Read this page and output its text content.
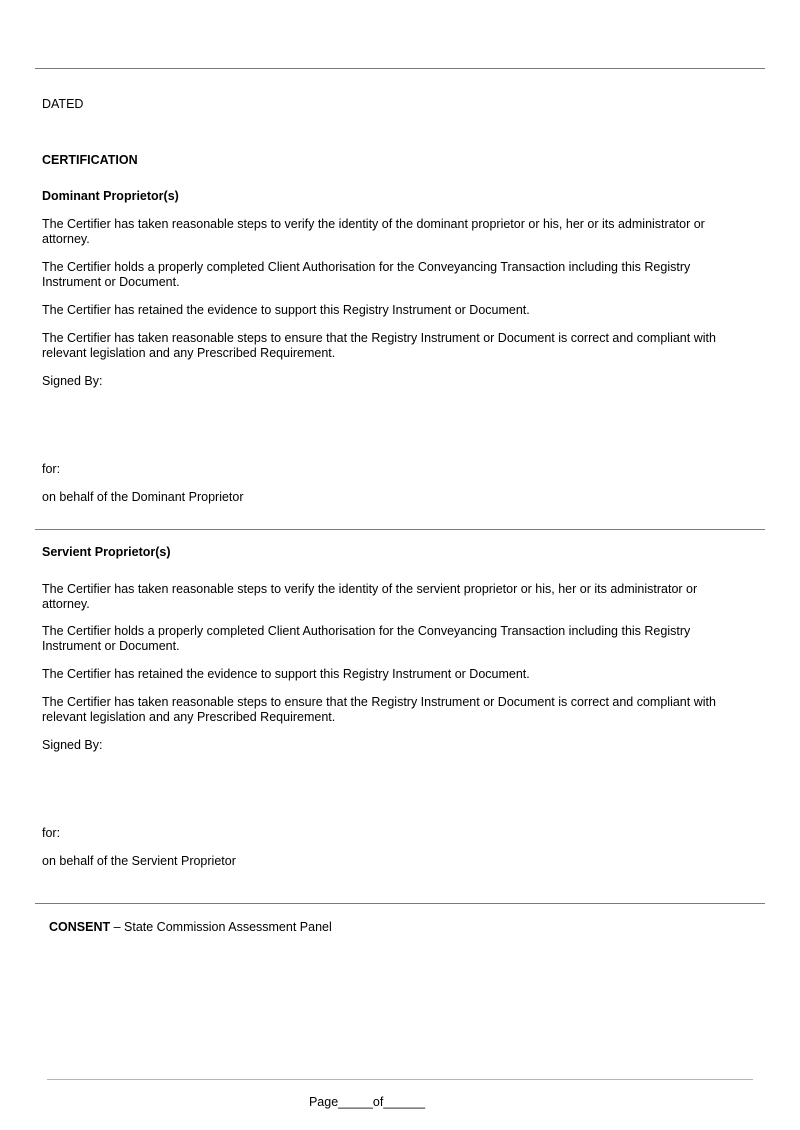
DATED
CERTIFICATION
Dominant Proprietor(s)
The Certifier has taken reasonable steps to verify the identity of the dominant proprietor or his, her or its administrator or attorney.
The Certifier holds a properly completed Client Authorisation for the Conveyancing Transaction including this Registry Instrument or Document.
The Certifier has retained the evidence to support this Registry Instrument or Document.
The Certifier has taken reasonable steps to ensure that the Registry Instrument or Document is correct and compliant with relevant legislation and any Prescribed Requirement.
Signed By:
for:
on behalf of the Dominant Proprietor
Servient Proprietor(s)
The Certifier has taken reasonable steps to verify the identity of the servient proprietor or his, her or its administrator or attorney.
The Certifier holds a properly completed Client Authorisation for the Conveyancing Transaction including this Registry Instrument or Document.
The Certifier has retained the evidence to support this Registry Instrument or Document.
The Certifier has taken reasonable steps to ensure that the Registry Instrument or Document is correct and compliant with relevant legislation and any Prescribed Requirement.
Signed By:
for:
on behalf of the Servient Proprietor
CONSENT – State Commission Assessment Panel
Page_____of______
